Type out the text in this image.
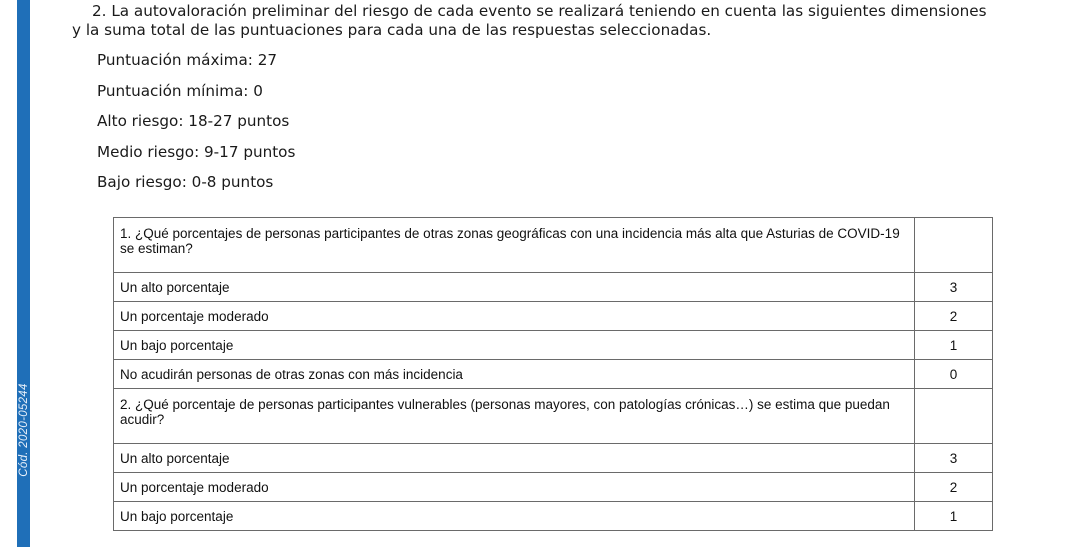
Cód. 2020-05244

2. La autovaloración preliminar del riesgo de cada evento se realizará teniendo en cuenta las siguientes dimensiones
y la suma total de las puntuaciones para cada una de las respuestas seleccionadas.

Puntuación máxima: 27
Puntuación mínima: 0
Alto riesgo: 18-27 puntos
Medio riesgo: 9-17 puntos
Bajo riesgo: 0-8 puntos
1. ¿Qué porcentajes de personas participantes de otras zonas geográficas con una incidencia más alta que Asturias de COVID-19 se estiman?	
Un alto porcentaje	3
Un porcentaje moderado	2
Un bajo porcentaje	1
No acudirán personas de otras zonas con más incidencia	0
2. ¿Qué porcentaje de personas participantes vulnerables (personas mayores, con patologías crónicas…) se estima que puedan acudir?	
Un alto porcentaje	3
Un porcentaje moderado	2
Un bajo porcentaje	1
